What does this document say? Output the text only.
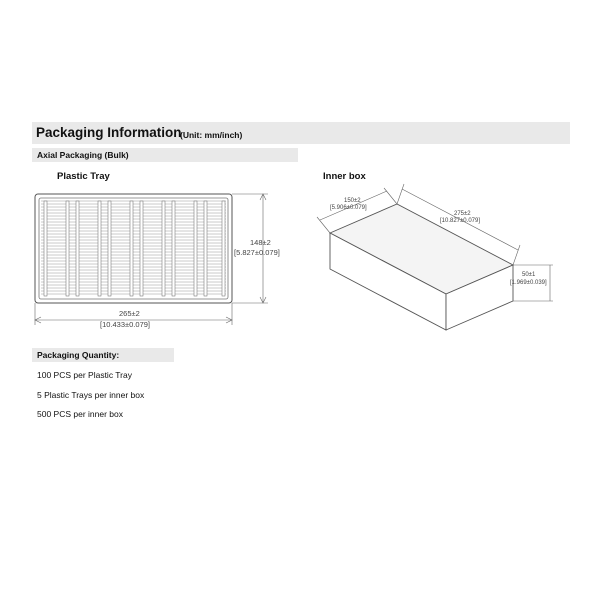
Packaging Information
(Unit: mm/inch)
Axial Packaging (Bulk)
Plastic Tray	Inner box
148±2
[5.827±0.079]
265±2
[10.433±0.079]
150±2
[5.906±0.079]
275±2
[10.827±0.079]
50±1
[1.969±0.039]
Packaging Quantity:
100 PCS per Plastic Tray
5 Plastic Trays per inner box
500 PCS per inner box
